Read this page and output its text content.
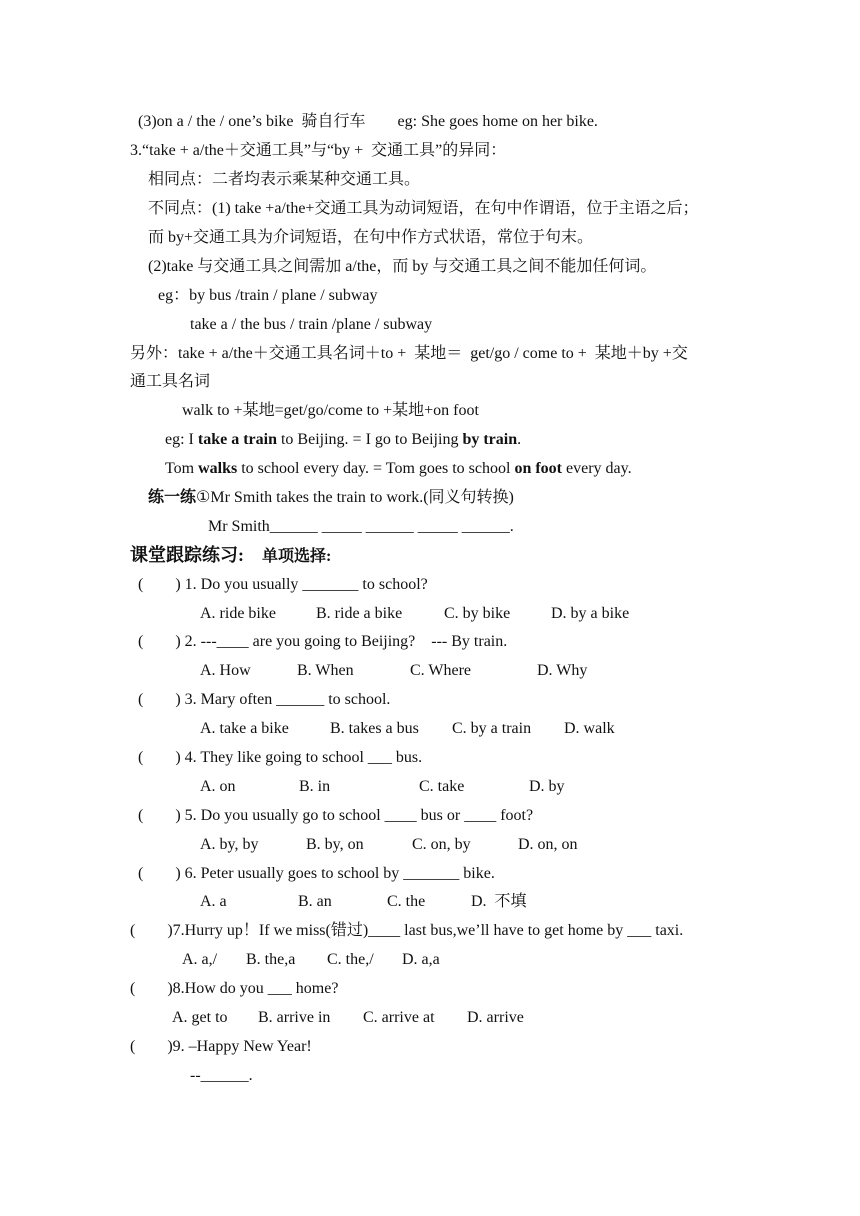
(3)on a / the / one’s bike  骑自行车        eg: She goes home on her bike.
3.“take + a/the＋交通工具”与“by +  交通工具”的异同：
相同点：二者均表示乘某种交通工具。
不同点：(1) take +a/the+交通工具为动词短语，在句中作谓语，位于主语之后；
而 by+交通工具为介词短语，在句中作方式状语，常位于句末。
(2)take 与交通工具之间需加 a/the，而 by 与交通工具之间不能加任何词。
eg：by bus /train / plane / subway
take a / the bus / train /plane / subway
另外：take + a/the＋交通工具名词＋to +  某地＝  get/go / come to +  某地＋by +交
通工具名词
walk to +某地=get/go/come to +某地+on foot
eg: I take a train to Beijing. = I go to Beijing by train.
Tom walks to school every day. = Tom goes to school on foot every day.
练一练①Mr Smith takes the train to work.(同义句转换)
Mr Smith______ _____ ______ _____ ______.
课堂跟踪练习: 单项选择:
(        ) 1. Do you usually _______ to school?
A. ride bike	B. ride a bike	C. by bike	D. by a bike
(        ) 2. ---____ are you going to Beijing?    --- By train.
A. How	B. When	C. Where	D. Why
(        ) 3. Mary often ______ to school.
A. take a bike	B. takes a bus C. by a train D. walk
(        ) 4. They like going to school ___ bus.
A. on	B. in	C. take	D. by
(        ) 5. Do you usually go to school ____ bus or ____ foot?
A. by, by	B. by, on	C. on, by	D. on, on
(        ) 6. Peter usually goes to school by _______ bike.
A. a	B. an	C. the	D.  不填
(        )7.Hurry up！If we miss(错过)____ last bus,we’ll have to get home by ___ taxi.
A. a,/ B. the,a C. the,/ D. a,a
(        )8.How do you ___ home?
A. get to B. arrive in C. arrive at D. arrive
(        )9. –Happy New Year!
--______.
